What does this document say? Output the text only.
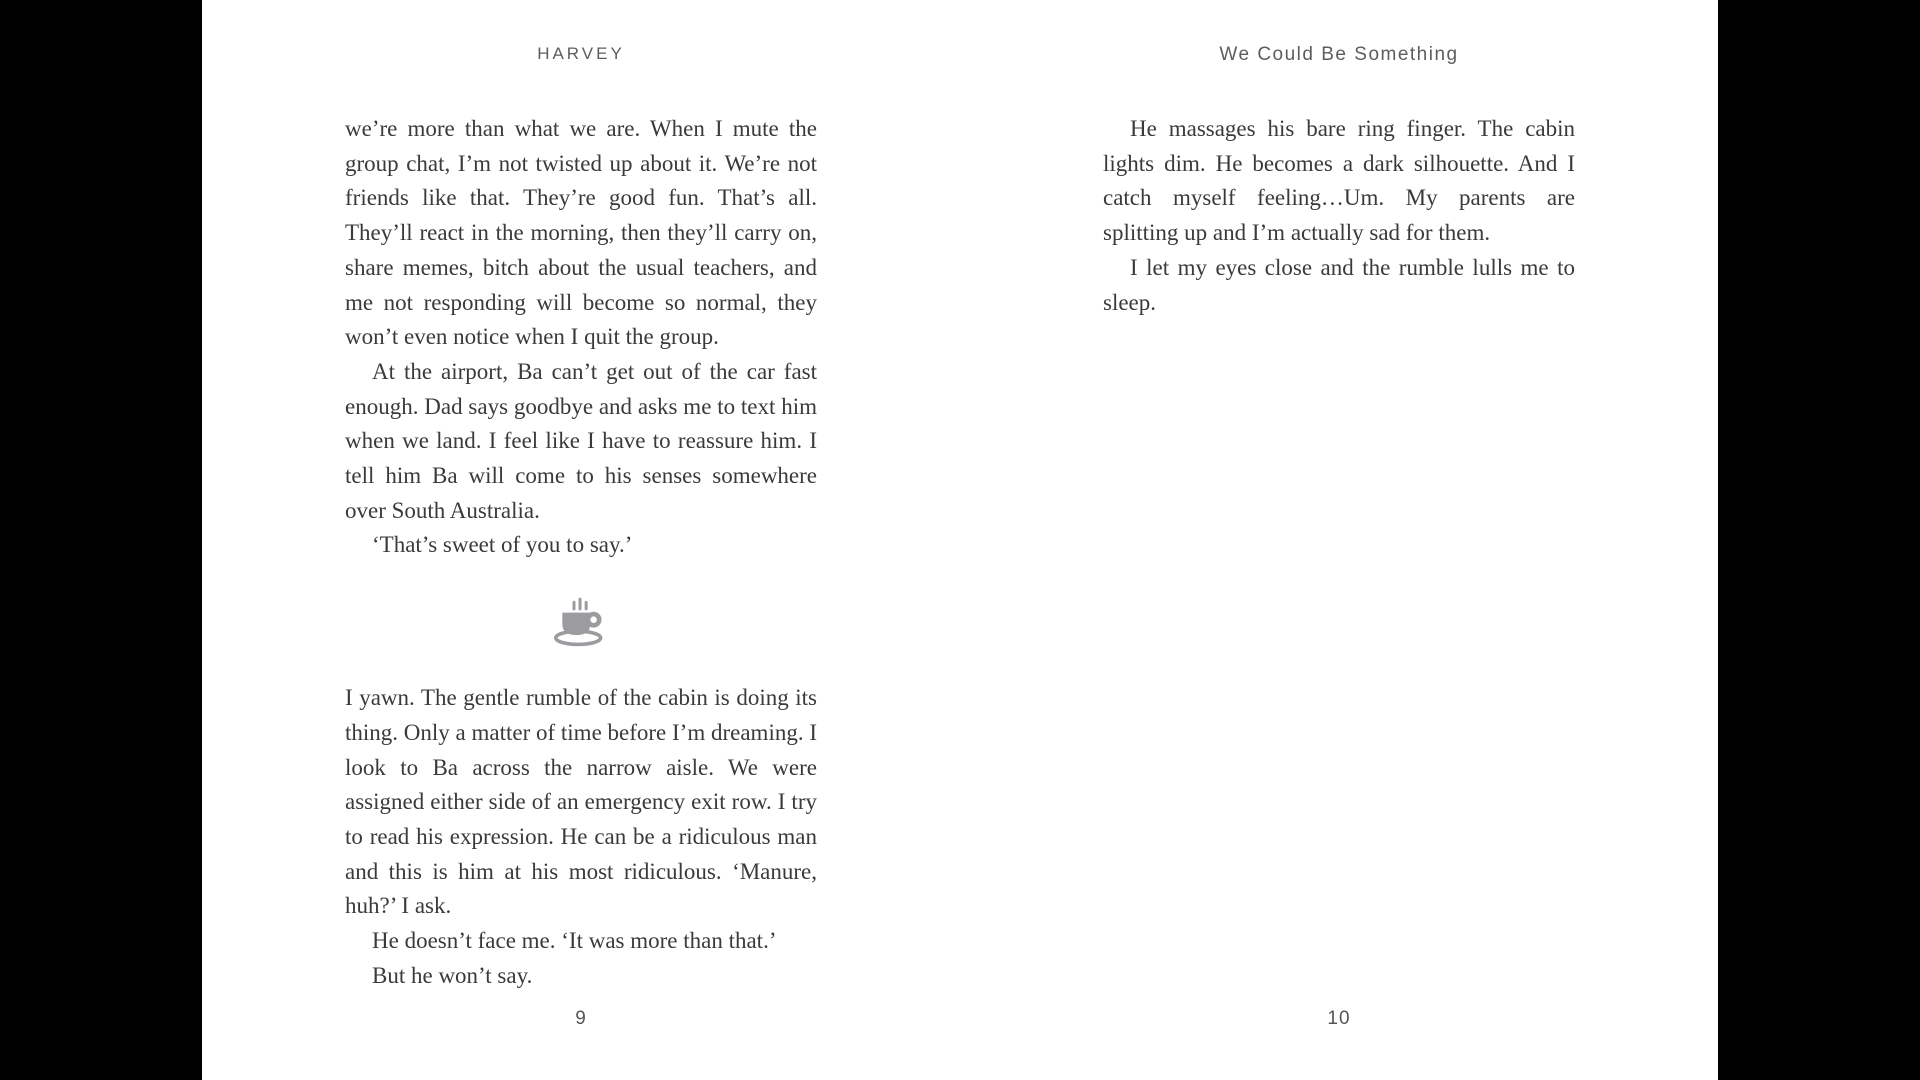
HARVEY

we’re more than what we are. When I mute the group chat, I’m not twisted up about it. We’re not friends like that. They’re good fun. That’s all. They’ll react in the morning, then they’ll carry on, share memes, bitch about the usual teachers, and me not responding will become so normal, they won’t even notice when I quit the group.

At the airport, Ba can’t get out of the car fast enough. Dad says goodbye and asks me to text him when we land. I feel like I have to reassure him. I tell him Ba will come to his senses somewhere over South Australia.

‘That’s sweet of you to say.’

I yawn. The gentle rumble of the cabin is doing its thing. Only a matter of time before I’m dreaming. I look to Ba across the narrow aisle. We were assigned either side of an emergency exit row. I try to read his expression. He can be a ridiculous man and this is him at his most ridiculous. ‘Manure, huh?’ I ask.

He doesn’t face me. ‘It was more than that.’

But he won’t say.

9
We Could Be Something

He massages his bare ring finger. The cabin lights dim. He becomes a dark silhouette. And I catch myself feeling…Um. My parents are splitting up and I’m actually sad for them.

I let my eyes close and the rumble lulls me to sleep.

10
